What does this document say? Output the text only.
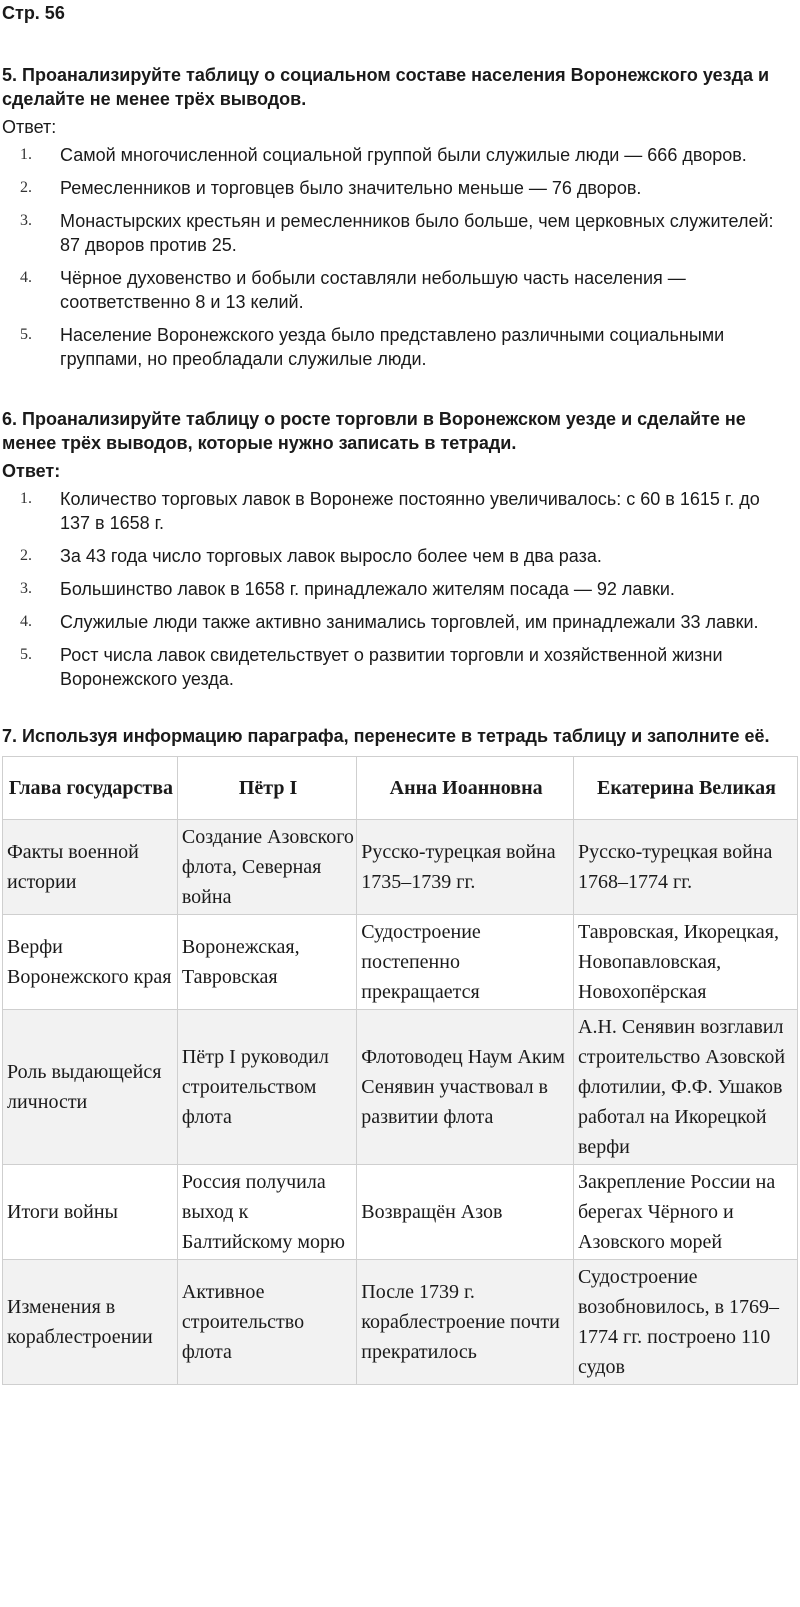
Стр. 56

5. Проанализируйте таблицу о социальном составе населения Воронежского уезда и сделайте не менее трёх выводов.

Ответ:

1. Самой многочисленной социальной группой были служилые люди — 666 дворов.
2. Ремесленников и торговцев было значительно меньше — 76 дворов.
3. Монастырских крестьян и ремесленников было больше, чем церковных служителей: 87 дворов против 25.
4. Чёрное духовенство и бобыли составляли небольшую часть населения — соответственно 8 и 13 келий.
5. Население Воронежского уезда было представлено различными социальными группами, но преобладали служилые люди.

6. Проанализируйте таблицу о росте торговли в Воронежском уезде и сделайте не менее трёх выводов, которые нужно записать в тетради.

Ответ:

1. Количество торговых лавок в Воронеже постоянно увеличивалось: с 60 в 1615 г. до 137 в 1658 г.
2. За 43 года число торговых лавок выросло более чем в два раза.
3. Большинство лавок в 1658 г. принадлежало жителям посада — 92 лавки.
4. Служилые люди также активно занимались торговлей, им принадлежали 33 лавки.
5. Рост числа лавок свидетельствует о развитии торговли и хозяйственной жизни Воронежского уезда.

7. Используя информацию параграфа, перенесите в тетрадь таблицу и заполните её.

Глава государства	Пётр I	Анна Иоанновна	Екатерина Великая
Факты военной истории	Создание Азовского флота, Северная война	Русско-турецкая война 1735–1739 гг.	Русско-турецкая война 1768–1774 гг.
Верфи Воронежского края	Воронежская, Тавровская	Судостроение постепенно прекращается	Тавровская, Икорецкая, Новопавловская, Новохопёрская
Роль выдающейся личности	Пётр I руководил строительством флота	Флотоводец Наум Аким Сенявин участвовал в развитии флота	А.Н. Сенявин возглавил строительство Азовской флотилии, Ф.Ф. Ушаков работал на Икорецкой верфи
Итоги войны	Россия получила выход к Балтийскому морю	Возвращён Азов	Закрепление России на берегах Чёрного и Азовского морей
Изменения в кораблестроении	Активное строительство флота	После 1739 г. кораблестроение почти прекратилось	Судостроение возобновилось, в 1769–1774 гг. построено 110 судов
